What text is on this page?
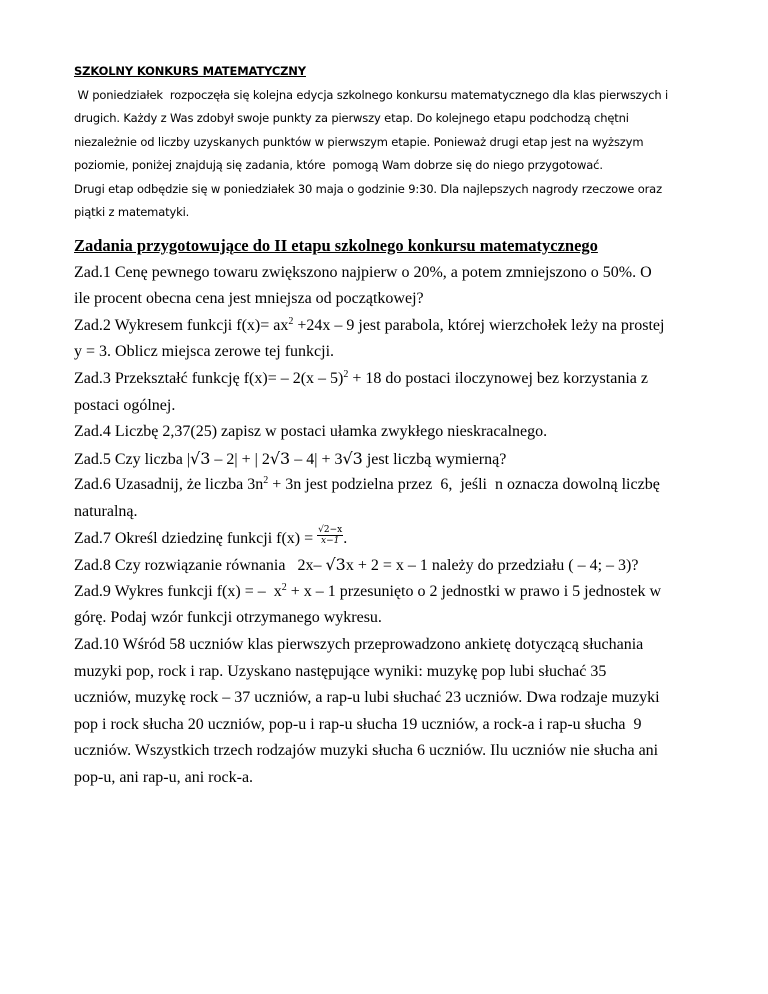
SZKOLNY KONKURS MATEMATYCZNY
W poniedziałek  rozpoczęła się kolejna edycja szkolnego konkursu matematycznego dla klas pierwszych i
drugich. Każdy z Was zdobył swoje punkty za pierwszy etap. Do kolejnego etapu podchodzą chętni
niezależnie od liczby uzyskanych punktów w pierwszym etapie. Ponieważ drugi etap jest na wyższym
poziomie, poniżej znajdują się zadania, które  pomogą Wam dobrze się do niego przygotować.
Drugi etap odbędzie się w poniedziałek 30 maja o godzinie 9:30. Dla najlepszych nagrody rzeczowe oraz
piątki z matematyki.
Zadania przygotowujące do II etapu szkolnego konkursu matematycznego
Zad.1 Cenę pewnego towaru zwiększono najpierw o 20%, a potem zmniejszono o 50%. O
ile procent obecna cena jest mniejsza od początkowej?
Zad.2 Wykresem funkcji $f(x)= ax^2 +24x - 9$ jest parabola, której wierzchołek leży na prostej
y = 3. Oblicz miejsca zerowe tej funkcji.
Zad.3 Przekształć funkcję f(x)= – 2(x – 5)$^2$ + 18 do postaci iloczynowej bez korzystania z
postaci ogólnej.
Zad.4 Liczbę 2,37(25) zapisz w postaci ułamka zwykłego nieskracalnego.
Zad.5 Czy liczba |√3 – 2| + | 2√3 – 4| + 3√3 jest liczbą wymierną?
Zad.6 Uzasadnij, że liczba $3n^2 + 3n$ jest podzielna przez  6,  jeśli  n oznacza dowolną liczbę
naturalną.
Zad.7 Określ dziedzinę funkcji $f(x) = \frac{√2-x}{x-1}$ .
Zad.8 Czy rozwiązanie równania   2x– √3x + 2 = x – 1 należy do przedziału ( – 4; – 3)?
Zad.9 Wykres funkcji f(x) = –  $x^2 + x - 1$ przesunięto o 2 jednostki w prawo i 5 jednostek w
górę. Podaj wzór funkcji otrzymanego wykresu.
Zad.10 Wśród 58 uczniów klas pierwszych przeprowadzono ankietę dotyczącą słuchania
muzyki pop, rock i rap. Uzyskano następujące wyniki: muzykę pop lubi słuchać 35
uczniów, muzykę rock – 37 uczniów, a rap-u lubi słuchać 23 uczniów. Dwa rodzaje muzyki
pop i rock słucha 20 uczniów, pop-u i rap-u słucha 19 uczniów, a rock-a i rap-u słucha  9
uczniów. Wszystkich trzech rodzajów muzyki słucha 6 uczniów. Ilu uczniów nie słucha ani
pop-u, ani rap-u, ani rock-a.
